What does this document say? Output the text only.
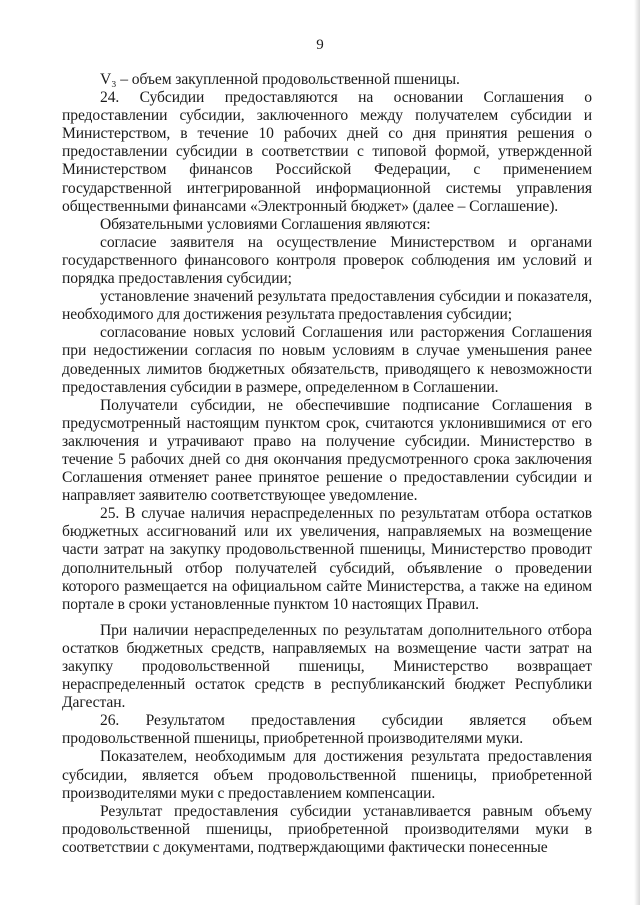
9

V₃ – объем закупленной продовольственной пшеницы.

24. Субсидии предоставляются на основании Соглашения о предоставлении субсидии, заключенного между получателем субсидии и Министерством, в течение 10 рабочих дней со дня принятия решения о предоставлении субсидии в соответствии с типовой формой, утвержденной Министерством финансов Российской Федерации, с применением государственной интегрированной информационной системы управления общественными финансами «Электронный бюджет» (далее – Соглашение).

Обязательными условиями Соглашения являются:

согласие заявителя на осуществление Министерством и органами государственного финансового контроля проверок соблюдения им условий и порядка предоставления субсидии;

установление значений результата предоставления субсидии и показателя, необходимого для достижения результата предоставления субсидии;

согласование новых условий Соглашения или расторжения Соглашения при недостижении согласия по новым условиям в случае уменьшения ранее доведенных лимитов бюджетных обязательств, приводящего к невозможности предоставления субсидии в размере, определенном в Соглашении.

Получатели субсидии, не обеспечившие подписание Соглашения в предусмотренный настоящим пунктом срок, считаются уклонившимися от его заключения и утрачивают право на получение субсидии. Министерство в течение 5 рабочих дней со дня окончания предусмотренного срока заключения Соглашения отменяет ранее принятое решение о предоставлении субсидии и направляет заявителю соответствующее уведомление.

25. В случае наличия нераспределенных по результатам отбора остатков бюджетных ассигнований или их увеличения, направляемых на возмещение части затрат на закупку продовольственной пшеницы, Министерство проводит дополнительный отбор получателей субсидий, объявление о проведении которого размещается на официальном сайте Министерства, а также на едином портале в сроки установленные пунктом 10 настоящих Правил.

При наличии нераспределенных по результатам дополнительного отбора остатков бюджетных средств, направляемых на возмещение части затрат на закупку продовольственной пшеницы, Министерство возвращает нераспределенный остаток средств в республиканский бюджет Республики Дагестан.

26. Результатом предоставления субсидии является объем продовольственной пшеницы, приобретенной производителями муки.

Показателем, необходимым для достижения результата предоставления субсидии, является объем продовольственной пшеницы, приобретенной производителями муки с предоставлением компенсации.

Результат предоставления субсидии устанавливается равным объему продовольственной пшеницы, приобретенной производителями муки в соответствии с документами, подтверждающими фактически понесенные
